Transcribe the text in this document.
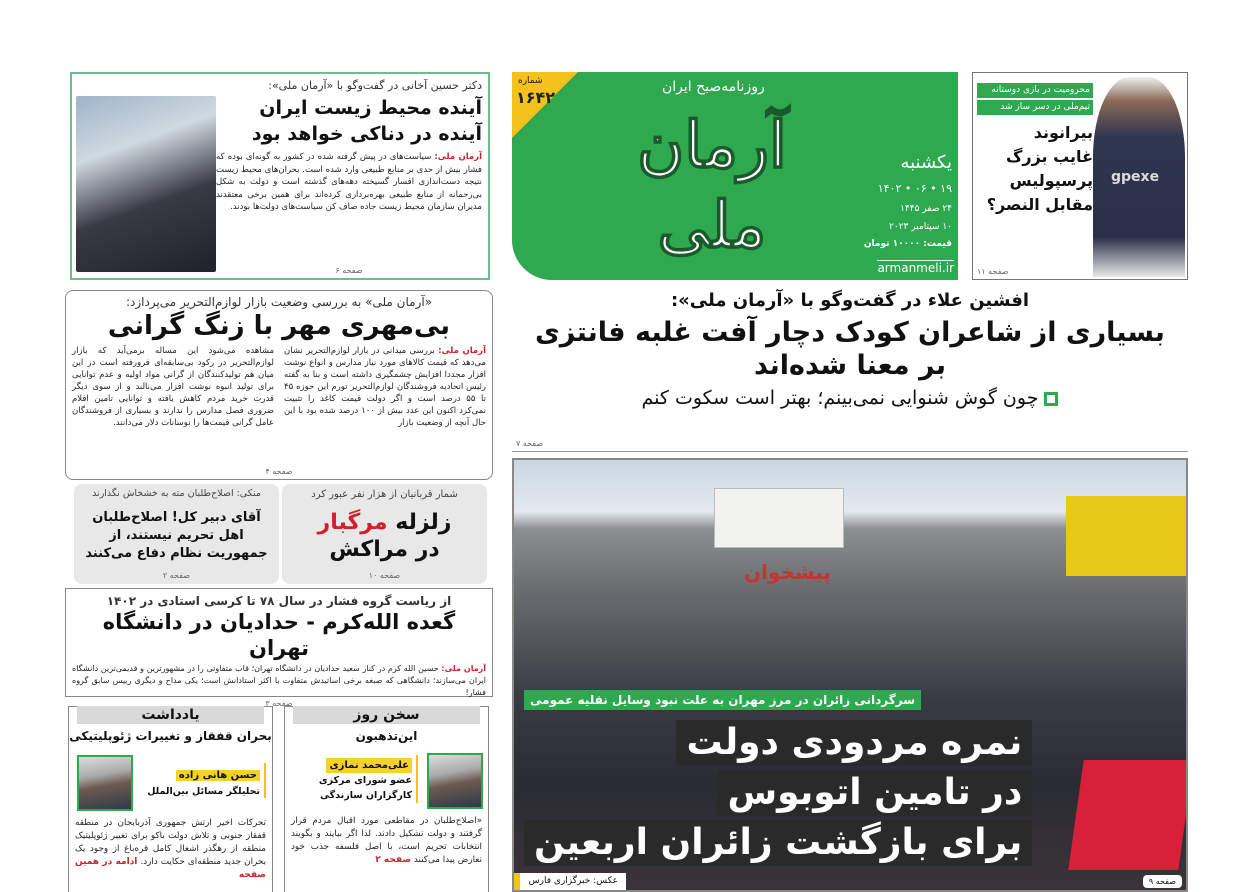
دکتر حسین آخانی در گفت‌وگو با «آرمان ملی»:
آینده محیط زیست ایران آینده در دناکی خواهد بود
آرمان ملی: سیاست‌های در پیش گرفته شده در کشور به گونه‌ای بوده که فشار بیش از حدی بر منابع طبیعی وارد شده است. بحران‌های محیط زیست نتیجه دست‌اندازی افسار گسیخته دهه‌های گذشته است و دولت به شکل بی‌رحمانه از منابع طبیعی بهره‌برداری کرده‌اند برای همین برخی معتقدند مدیران سازمان محیط زیست جاده صاف کن سیاست‌های دولت‌ها بودند.
صفحه ۶
شماره
۱۶۴۲
روزنامه‌صبح ایران
آرمان ملی
یکشنبه
۱۹ • ۰۶ • ۱۴۰۲
۲۴ صفر ۱۴۴۵
۱۰ سپتامبر ۲۰۲۳
قیمت: ۱۰۰۰۰ تومان
armanmeli.ir
gpexe
محرومیت در بازی دوستانه
تیم‌ملی در دسر ساز شد
بیرانوند
غایب بزرگ
پرسپولیس
مقابل النصر؟
صفحه ۱۱
افشین علاء در گفت‌وگو با «آرمان ملی»:
بسیاری از شاعران کودک دچار آفت غلبه فانتزی بر معنا شده‌اند
چون گوش شنوایی نمی‌بینم؛ بهتر است سکوت کنم
صفحه ۷
پیشخوان
سرگردانی زائران در مرز مهران به علت نبود وسایل نقلیه عمومی
نمره مردودی دولت
در تامین اتوبوس
برای بازگشت زائران اربعین
عکس: خبرگزاری فارس	صفحه ۹
«آرمان ملی» به بررسی وضعیت بازار لوازم‌التحریر می‌پردازد:
بی‌مهری مهر با زنگ گرانی
آرمان ملی: بررسی میدانی در بازار لوازم‌التحریر نشان می‌دهد که قیمت کالاهای مورد نیاز مدارس و انواع نوشت افزار مجددا افزایش چشمگیری داشته است و بنا به گفته رئیس اتحادیه فروشندگان لوازم‌التحریر تورم این حوزه ۴۵ تا ۵۵ درصد است و اگر دولت قیمت کاغذ را تثبیت نمی‌کرد اکنون این عدد بیش از ۱۰۰ درصد شده بود با این حال آنچه از وضعیت بازار
مشاهده می‌شود این مساله برمی‌آید که بازار لوازم‌التحریر در رکود بی‌سابقه‌ای فرورفته است در این میان هم تولیدکنندگان از گرانی مواد اولیه و عدم توانایی برای تولید انبوه نوشت افزار می‌نالند و از سوی دیگر قدرت خرید مردم کاهش یافته و توانایی تامین اقلام ضروری فصل مدارس را ندارند و بسیاری از فروشندگان عامل گرانی قیمت‌ها را نوسانات دلار می‌دانند.
صفحه ۴
شمار قربانیان از هزار نفر عبور کرد
زلزله مرگبار
در مراکش
صفحه ۱۰
منکی: اصلاح‌طلبان مته به خشخاش نگذارند
آقای دبیر کل! اصلاح‌طلبان اهل تحریم نیستند، از جمهوریت نظام دفاع می‌کنند
صفحه ۲
از ریاست گروه فشار در سال ۷۸ تا کرسی استادی در ۱۴۰۲
گعده الله‌کرم - حدادیان در دانشگاه تهران
آرمان ملی: حسین الله کرم در کنار سعید حدادیان در دانشگاه تهران؛ قاب متفاوتی را در مشهورترین و قدیمی‌ترین دانشگاه ایران می‌سازند؛ دانشگاهی که صبغه برخی اساتیدش متفاوت با اکثر استادانش است؛ یکی مداح و دیگری رییس سابق گروه فشار!
صفحه ۳
یادداشت
بحران قفقاز و تغییرات ژئوپلیتیکی
حسن هانی زاده
تحلیلگر مسائل بین‌الملل
تحرکات اخیر ارتش جمهوری آذربایجان در منطقه قفقاز جنوبی و تلاش دولت باکو برای تغییر ژئوپلیتیک منطقه از رهگذر اشغال کامل قره‌باغ از وجود یک بحران جدید منطقه‌ای حکایت دارد. ادامه در همین صفحه
سخن روز
این‌تذهبون
علی‌محمد نمازی
عضو شورای مرکزی
کارگزاران سازندگی
«اصلاح‌طلبان در مقاطعی مورد اقبال مردم قرار گرفتند و دولت تشکیل دادند. لذا اگر بیایند و بگویند انتخابات تحریم است، با اصل فلسفه جذب خود تعارض پیدا می‌کنند صفحه ۲
